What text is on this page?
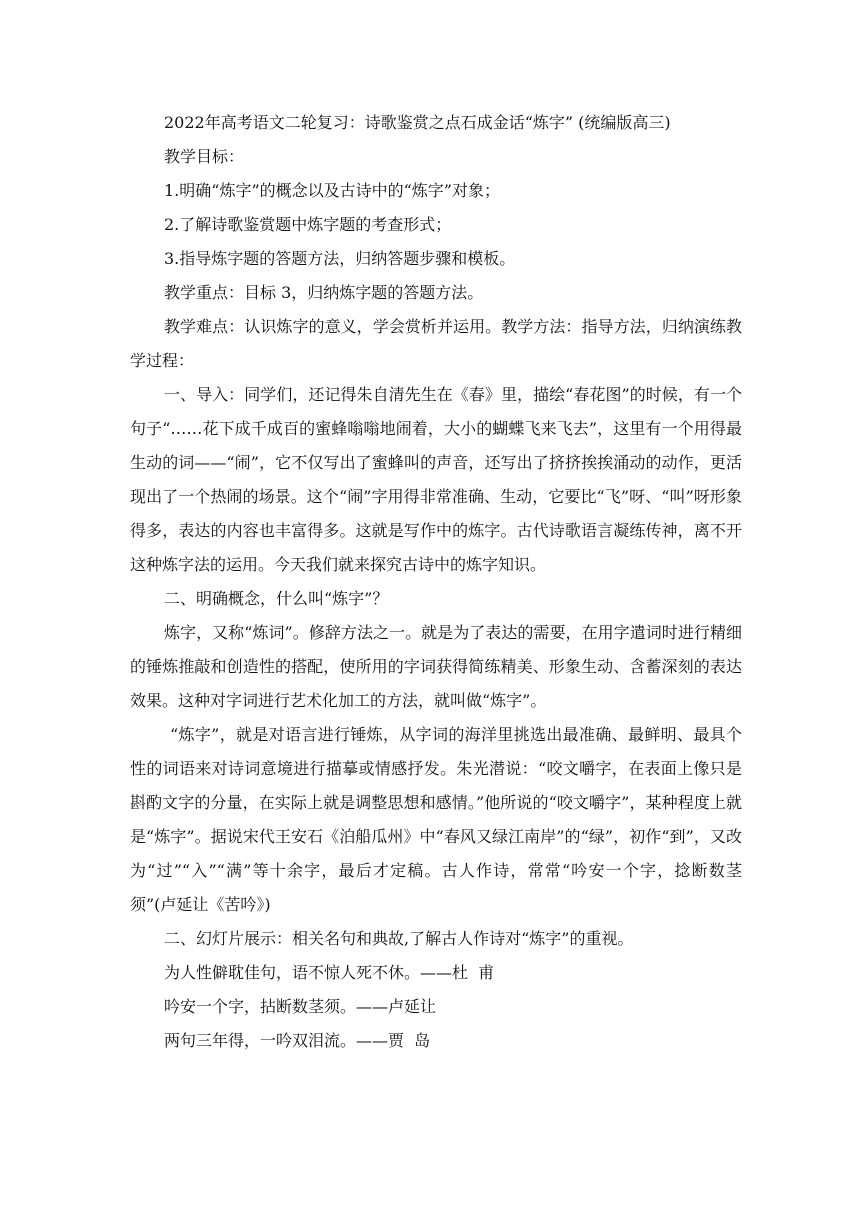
2022年高考语文二轮复习：诗歌鉴赏之点石成金话“炼字” (统编版高三)
教学目标：
1.明确“炼字”的概念以及古诗中的“炼字”对象；
2.了解诗歌鉴赏题中炼字题的考查形式；
3.指导炼字题的答题方法，归纳答题步骤和模板。
教学重点：目标 3，归纳炼字题的答题方法。

教学难点：认识炼字的意义，学会赏析并运用。教学方法：指导方法，归纳演练教学过程：

一、导入：同学们，还记得朱自清先生在《春》里，描绘“春花图”的时候，有一个句子“……花下成千成百的蜜蜂嗡嗡地闹着，大小的蝴蝶飞来飞去”，这里有一个用得最生动的词——“闹”，它不仅写出了蜜蜂叫的声音，还写出了挤挤挨挨涌动的动作，更活现出了一个热闹的场景。这个“闹”字用得非常准确、生动，它要比“飞”呀、“叫”呀形象得多，表达的内容也丰富得多。这就是写作中的炼字。古代诗歌语言凝练传神，离不开这种炼字法的运用。今天我们就来探究古诗中的炼字知识。

二、明确概念，什么叫“炼字”？

炼字，又称“炼词”。修辞方法之一。就是为了表达的需要，在用字遣词时进行精细的锤炼推敲和创造性的搭配，使所用的字词获得简练精美、形象生动、含蓄深刻的表达效果。这种对字词进行艺术化加工的方法，就叫做“炼字”。

“炼字”，就是对语言进行锤炼，从字词的海洋里挑选出最准确、最鲜明、最具个性的词语来对诗词意境进行描摹或情感抒发。朱光潜说：“咬文嚼字，在表面上像只是斟酌文字的分量，在实际上就是调整思想和感情。”他所说的“咬文嚼字”，某种程度上就是“炼字”。据说宋代王安石《泊船瓜州》中“春风又绿江南岸”的“绿”，初作“到”，又改为“过”“入”“满”等十余字，最后才定稿。古人作诗，常常“吟安一个字，捻断数茎须”(卢延让《苦吟》)

二、幻灯片展示：相关名句和典故,了解古人作诗对“炼字”的重视。
为人性僻耽佳句，语不惊人死不休。——杜  甫
吟安一个字，拈断数茎须。——卢延让
两句三年得，一吟双泪流。——贾  岛
